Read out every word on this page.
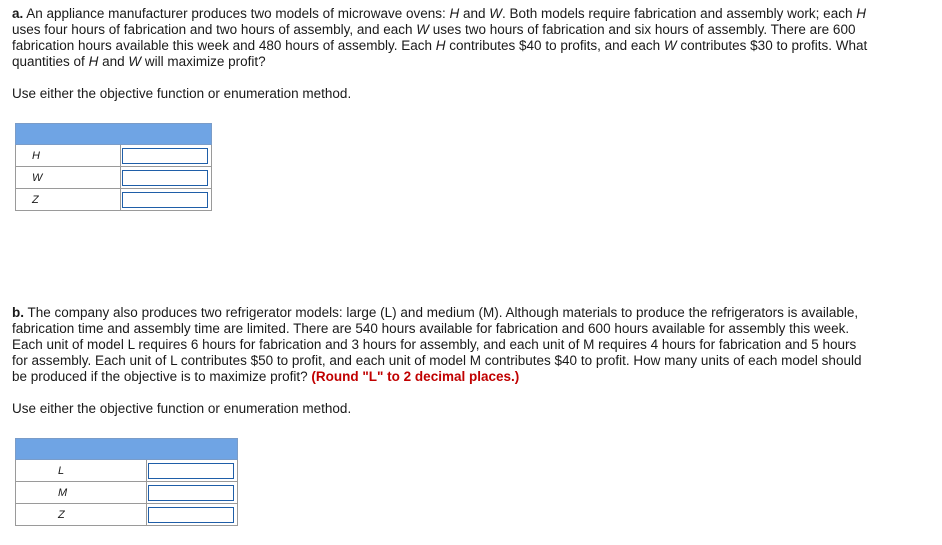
a. An appliance manufacturer produces two models of microwave ovens: H and W. Both models require fabrication and assembly work; each H uses four hours of fabrication and two hours of assembly, and each W uses two hours of fabrication and six hours of assembly. There are 600 fabrication hours available this week and 480 hours of assembly. Each H contributes $40 to profits, and each W contributes $30 to profits. What quantities of H and W will maximize profit?

Use either the objective function or enumeration method.

H	

W	

Z	

b. The company also produces two refrigerator models: large (L) and medium (M). Although materials to produce the refrigerators is available, fabrication time and assembly time are limited. There are 540 hours available for fabrication and 600 hours available for assembly this week. Each unit of model L requires 6 hours for fabrication and 3 hours for assembly, and each unit of M requires 4 hours for fabrication and 5 hours for assembly. Each unit of L contributes $50 to profit, and each unit of model M contributes $40 to profit. How many units of each model should be produced if the objective is to maximize profit? (Round "L" to 2 decimal places.)

Use either the objective function or enumeration method.

L	

M	

Z	
